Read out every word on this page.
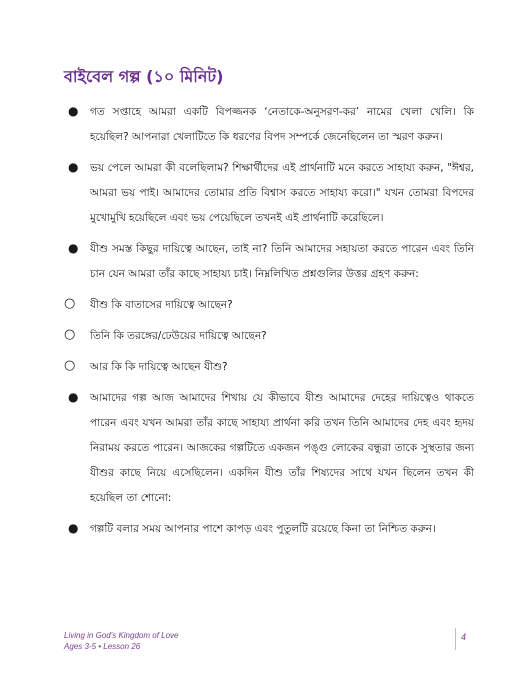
বাইবেল গল্প (১০ মিনিট)
● গত সপ্তাহে আমরা একটি বিপজ্জনক ‘নেতাকে-অনুসরণ-কর’ নামের খেলা খেলি। কি হয়েছিল? আপনারা খেলাটিতে কি ধরণের বিপদ সম্পর্কে জেনেছিলেন তা স্মরণ করুন।
● ভয় পেলে আমরা কী বলেছিলাম? শিক্ষার্থীদের এই প্রার্থনাটি মনে করতে সাহায্য করুন, "ঈশ্বর, আমরা ভয় পাই। আমাদের তোমার প্রতি বিশ্বাস করতে সাহায্য করো।" যখন তোমরা বিপদের মুখোমুখি হয়েছিলে এবং ভয় পেয়েছিলে তখনই এই প্রার্থনাটি করেছিলে।
● যীশু সমস্ত কিছুর দায়িত্বে আছেন, তাই না? তিনি আমাদের সহায়তা করতে পারেন এবং তিনি চান যেন আমরা তাঁর কাছে সাহায্য চাই। নিম্নলিখিত প্রশ্নগুলির উত্তর গ্রহণ করুন:
○ যীশু কি বাতাসের দায়িত্বে আছেন?
○ তিনি কি তরঙ্গের/ঢেউয়ের দায়িত্বে আছেন?
○ আর কি কি দায়িত্বে আছেন যীশু?
● আমাদের গল্প আজ আমাদের শিখায় যে কীভাবে যীশু আমাদের দেহের দায়িত্বেও থাকতে পারেন এবং যখন আমরা তাঁর কাছে সাহায্য প্রার্থনা করি তখন তিনি আমাদের দেহ এবং হৃদয় নিরাময় করতে পারেন। আজকের গল্পটিতে একজন পঙ্গু লোকের বন্ধুরা তাকে সুস্থতার জন্য যীশুর কাছে নিয়ে এসেছিলেন। একদিন যীশু তাঁর শিষ্যদের সাথে যখন ছিলেন তখন কী হয়েছিল তা শোনো:
● গল্পটি বলার সময় আপনার পাশে কাপড় এবং পুতুলটি রয়েছে কিনা তা নিশ্চিত করুন।
Living in God's Kingdom of Love
Ages 3-5 • Lesson 26
4
